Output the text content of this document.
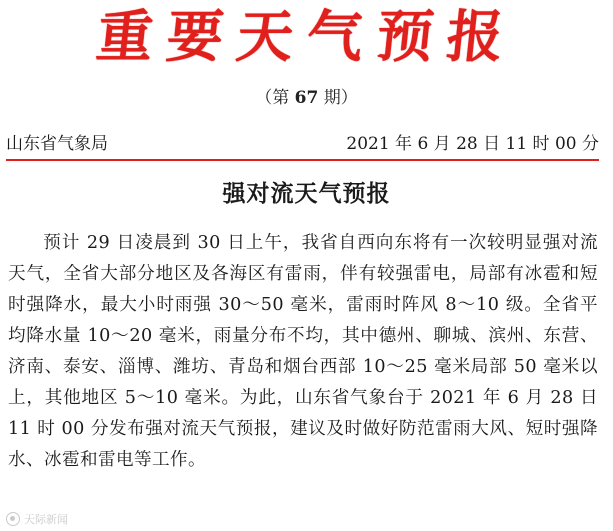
重要天气预报
（第 67 期）
山东省气象局	2021 年 6 月 28 日 11 时 00 分
强对流天气预报

预计 29 日凌晨到 30 日上午，我省自西向东将有一次较明显强对流天气，全省大部分地区及各海区有雷雨，伴有较强雷电，局部有冰雹和短时强降水，最大小时雨强 30～50 毫米，雷雨时阵风 8～10 级。全省平均降水量 10～20 毫米，雨量分布不均，其中德州、聊城、滨州、东营、济南、泰安、淄博、潍坊、青岛和烟台西部 10～25 毫米局部 50 毫米以上，其他地区 5～10 毫米。为此，山东省气象台于 2021 年 6 月 28 日 11 时 00 分发布强对流天气预报，建议及时做好防范雷雨大风、短时强降水、冰雹和雷电等工作。

天际新闻
